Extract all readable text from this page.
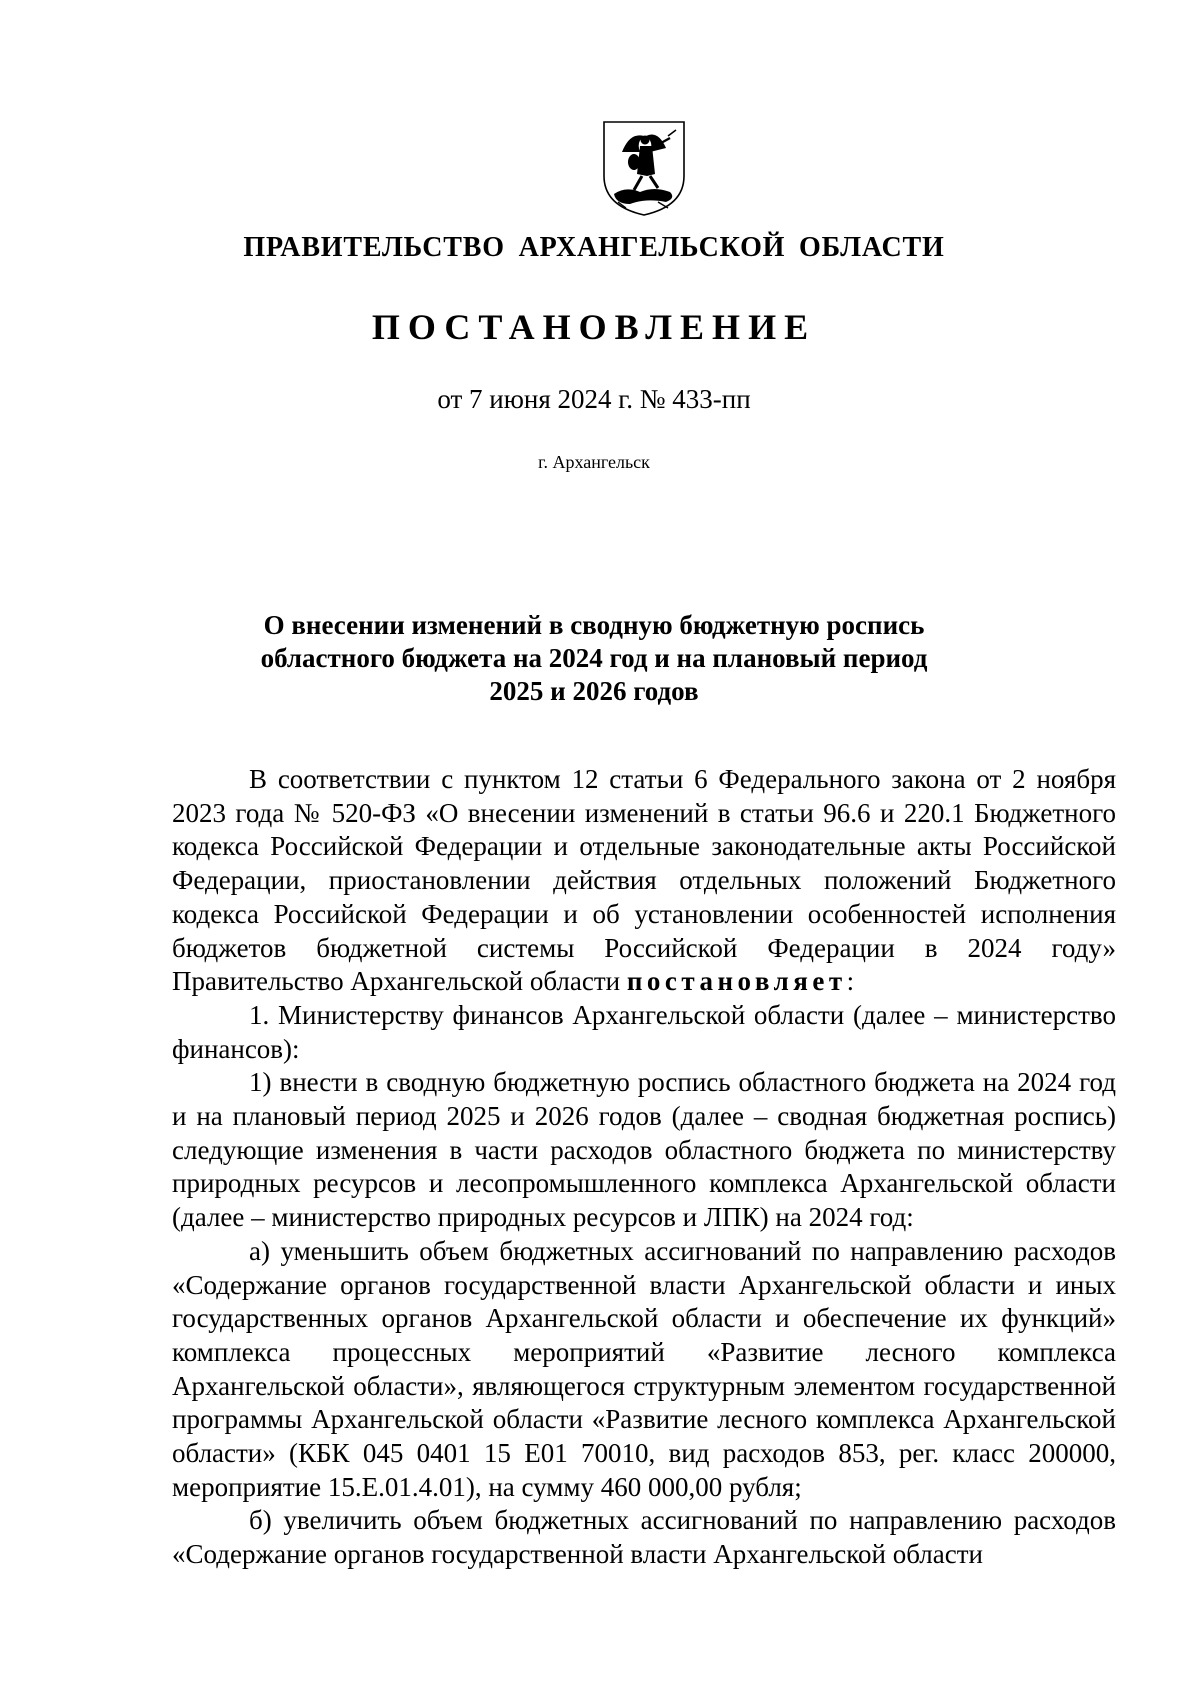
ПРАВИТЕЛЬСТВО АРХАНГЕЛЬСКОЙ ОБЛАСТИ
ПОСТАНОВЛЕНИЕ
от 7 июня 2024 г. № 433-пп
г. Архангельск
О внесении изменений в сводную бюджетную роспись
областного бюджета на 2024 год и на плановый период
2025 и 2026 годов

В соответствии с пунктом 12 статьи 6 Федерального закона от 2 ноября 2023 года № 520-ФЗ «О внесении изменений в статьи 96.6 и 220.1 Бюджетного кодекса Российской Федерации и отдельные законодательные акты Российской Федерации, приостановлении действия отдельных положений Бюджетного кодекса Российской Федерации и об установлении особенностей исполнения бюджетов бюджетной системы Российской Федерации в 2024 году» Правительство Архангельской области постановляет:

1. Министерству финансов Архангельской области (далее – министерство финансов):

1) внести в сводную бюджетную роспись областного бюджета на 2024 год и на плановый период 2025 и 2026 годов (далее – сводная бюджетная роспись) следующие изменения в части расходов областного бюджета по министерству природных ресурсов и лесопромышленного комплекса Архангельской области (далее – министерство природных ресурсов и ЛПК) на 2024 год:

а) уменьшить объем бюджетных ассигнований по направлению расходов «Содержание органов государственной власти Архангельской области и иных государственных органов Архангельской области и обеспечение их функций» комплекса процессных мероприятий «Развитие лесного комплекса Архангельской области», являющегося структурным элементом государственной программы Архангельской области «Развитие лесного комплекса Архангельской области» (КБК 045 0401 15 Е01 70010, вид расходов 853, рег. класс 200000, мероприятие 15.Е.01.4.01), на сумму 460 000,00 рубля;

б) увеличить объем бюджетных ассигнований по направлению расходов «Содержание органов государственной власти Архангельской области
